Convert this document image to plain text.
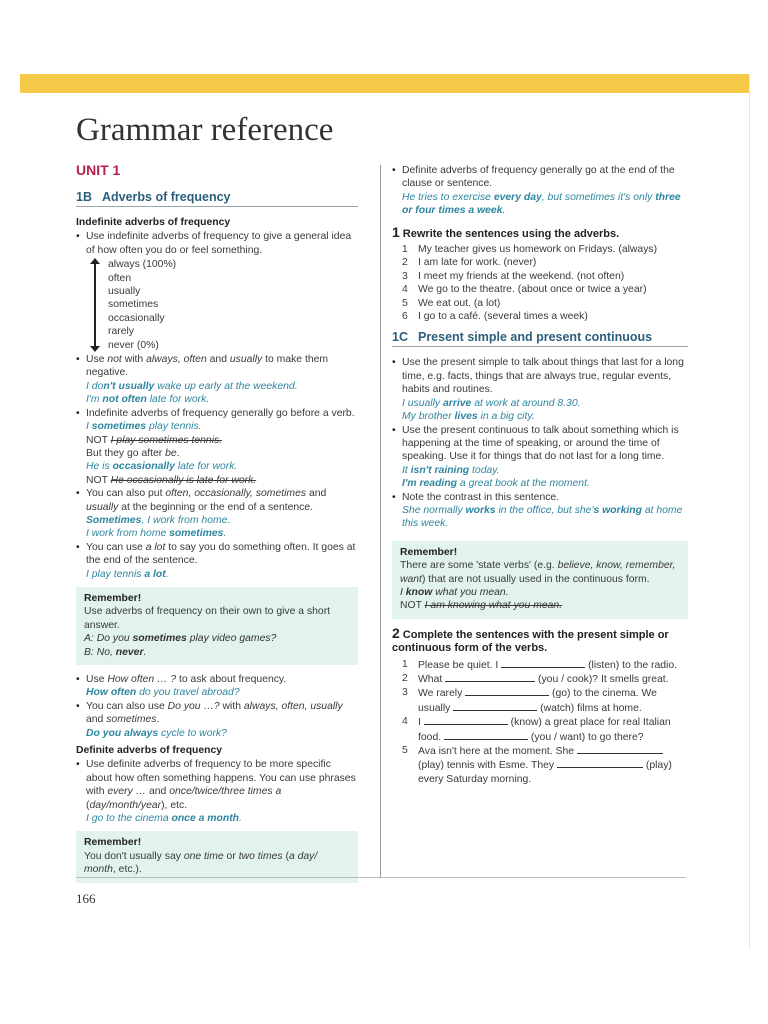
Grammar reference
UNIT 1
1B Adverbs of frequency
Indefinite adverbs of frequency

• Use indefinite adverbs of frequency to give a general idea of how often you do or feel something.

always (100%)
often
usually
sometimes
occasionally
rarely
never (0%)

• Use not with always, often and usually to make them negative.

I don't usually wake up early at the weekend.

I'm not often late for work.

• Indefinite adverbs of frequency generally go before a verb.

I sometimes play tennis.

NOT I play sometimes tennis.

But they go after be.

He is occasionally late for work.

NOT He occasionally is late for work.

• You can also put often, occasionally, sometimes and usually at the beginning or the end of a sentence.

Sometimes, I work from home.

I work from home sometimes.

• You can use a lot to say you do something often. It goes at the end of the sentence.

I play tennis a lot.

Remember!
Use adverbs of frequency on their own to give a short answer.
A: Do you sometimes play video games?
B: No, never.

• Use How often … ? to ask about frequency.

How often do you travel abroad?

• You can also use Do you …? with always, often, usually and sometimes.

Do you always cycle to work?

Definite adverbs of frequency

• Use definite adverbs of frequency to be more specific about how often something happens. You can use phrases with every … and once/twice/three times a (day/month/year), etc.

I go to the cinema once a month.

Remember!
You don't usually say one time or two times (a day/ month, etc.).

• Definite adverbs of frequency generally go at the end of the clause or sentence.

He tries to exercise every day, but sometimes it's only three or four times a week.

1 Rewrite the sentences using the adverbs.
1 My teacher gives us homework on Fridays. (always)
2 I am late for work. (never)
3 I meet my friends at the weekend. (not often)
4 We go to the theatre. (about once or twice a year)
5 We eat out. (a lot)
6 I go to a café. (several times a week)
1C Present simple and present continuous

• Use the present simple to talk about things that last for a long time, e.g. facts, things that are always true, regular events, habits and routines.

I usually arrive at work at around 8.30.

My brother lives in a big city.

• Use the present continuous to talk about something which is happening at the time of speaking, or around the time of speaking. Use it for things that do not last for a long time.

It isn't raining today.

I'm reading a great book at the moment.

• Note the contrast in this sentence.

She normally works in the office, but she's working at home this week.

Remember!
There are some 'state verbs' (e.g. believe, know, remember, want) that are not usually used in the continuous form.
I know what you mean.
NOT I am knowing what you mean.
2 Complete the sentences with the present simple or continuous form of the verbs.
1 Please be quiet. I	(listen) to the radio.
2 What	(you / cook)? It smells great.
3 We rarely	(go) to the cinema. We usually	(watch) films at home.
4 I	(know) a great place for real Italian food.	(you / want) to go there?
5 Ava isn't here at the moment. She  (play) tennis with Esme. They	(play) every Saturday morning.
166
